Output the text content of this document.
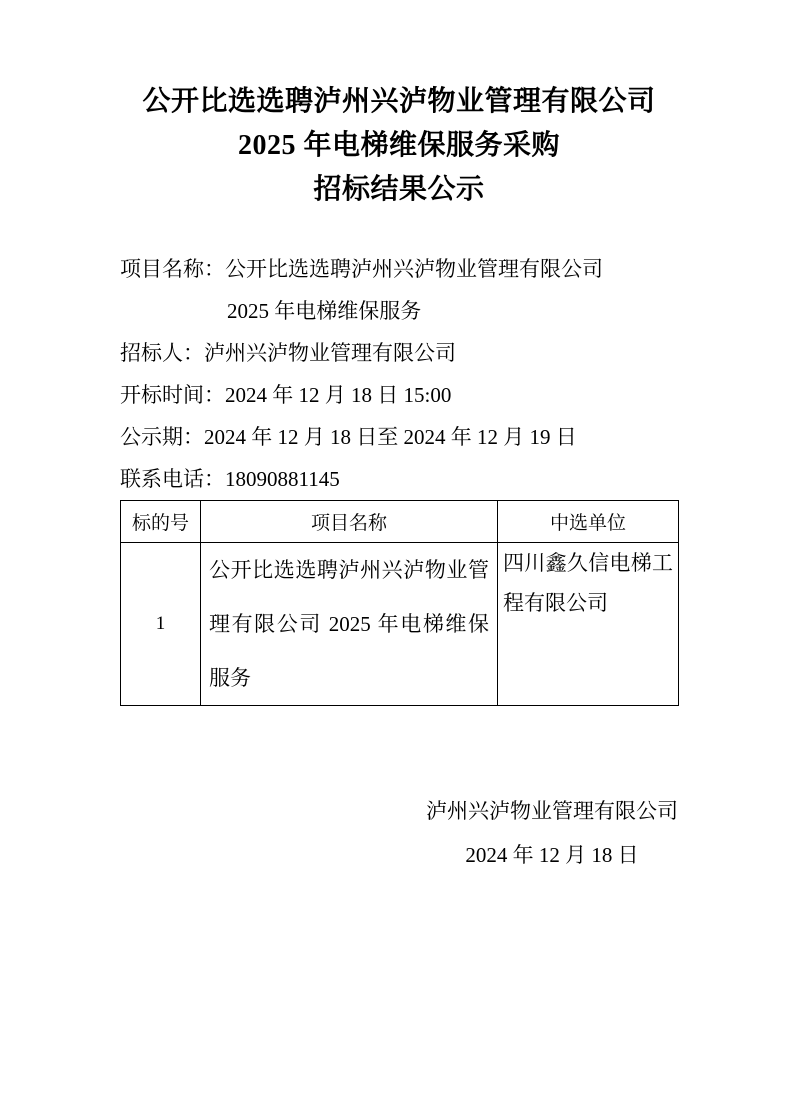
公开比选选聘泸州兴泸物业管理有限公司
2025 年电梯维保服务采购
招标结果公示
项目名称：公开比选选聘泸州兴泸物业管理有限公司
2025 年电梯维保服务
招标人：泸州兴泸物业管理有限公司
开标时间：2024 年 12 月 18 日 15:00
公示期：2024 年 12 月 18 日至 2024 年 12 月 19 日
联系电话：18090881145
标的号	项目名称	中选单位
1	公开比选选聘泸州兴泸物业管理有限公司 2025 年电梯维保服务	四川鑫久信电梯工程有限公司
泸州兴泸物业管理有限公司
2024 年 12 月 18 日
